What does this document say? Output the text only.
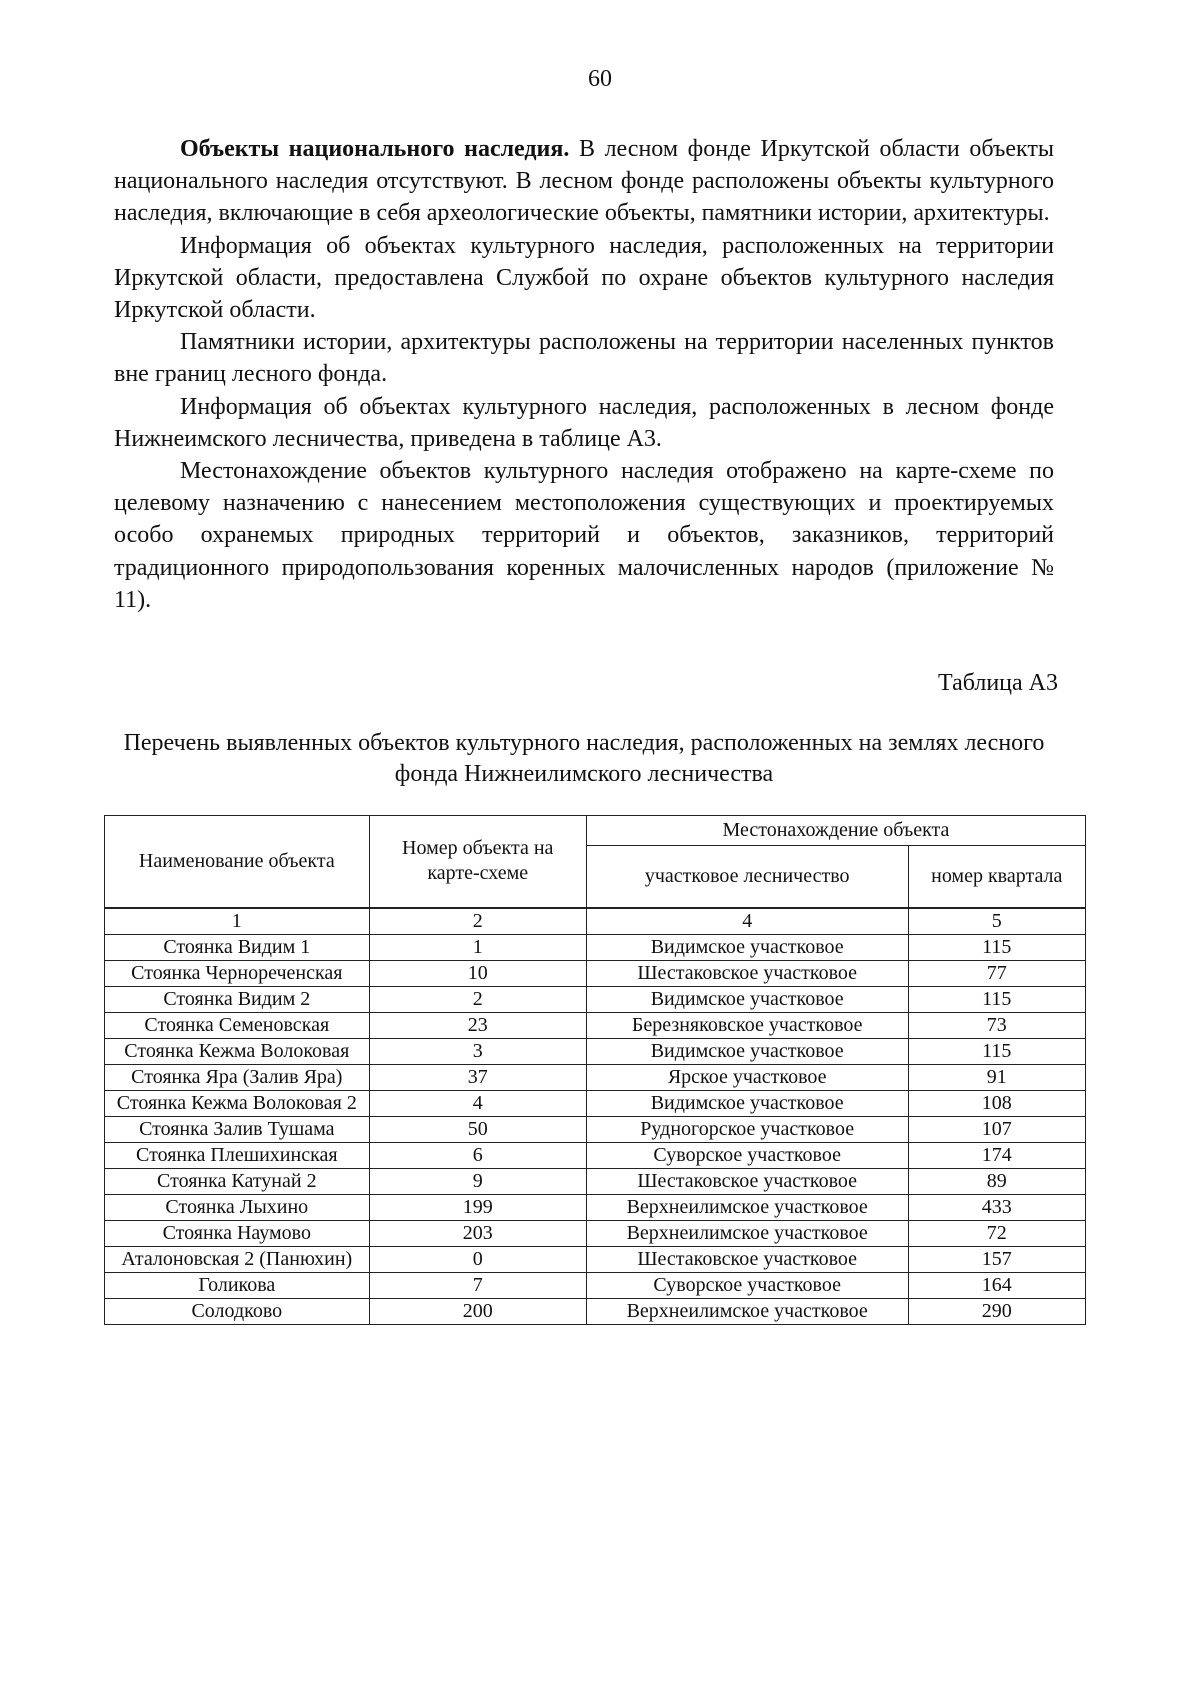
60

Объекты национального наследия. В лесном фонде Иркутской области объекты национального наследия отсутствуют. В лесном фонде расположены объекты культурного наследия, включающие в себя археологические объекты, памятники истории, архитектуры.

Информация об объектах культурного наследия, расположенных на территории Иркутской области, предоставлена Службой по охране объектов культурного наследия Иркутской области.

Памятники истории, архитектуры расположены на территории населенных пунктов вне границ лесного фонда.

Информация об объектах культурного наследия, расположенных в лесном фонде Нижнеимского лесничества, приведена в таблице А3.

Местонахождение объектов культурного наследия отображено на карте-схеме по целевому назначению с нанесением местоположения существующих и проектируемых особо охранемых природных территорий и объектов, заказников, территорий традиционного природопользования коренных малочисленных народов (приложение № 11).

Таблица А3
Перечень выявленных объектов культурного наследия, расположенных на землях лесного фонда Нижнеилимского лесничества
Наименование объекта	Номер объекта на карте-схеме	Местонахождение объекта	
		участковое лесничество	номер квартала
1	2	4	5
Стоянка Видим 1	1	Видимское участковое	115
Стоянка Чернореченская	10	Шестаковское участковое	77
Стоянка Видим 2	2	Видимское участковое	115
Стоянка Семеновская	23	Березняковское участковое	73
Стоянка Кежма Волоковая	3	Видимское участковое	115
Стоянка Яра (Залив Яра)	37	Ярское участковое	91
Стоянка Кежма Волоковая 2	4	Видимское участковое	108
Стоянка Залив Тушама	50	Рудногорское участковое	107
Стоянка Плешихинская	6	Суворское участковое	174
Стоянка Катунай 2	9	Шестаковское участковое	89
Стоянка Лыхино	199	Верхнеилимское участковое	433
Стоянка Наумово	203	Верхнеилимское участковое	72
Аталоновская 2 (Панюхин)	0	Шестаковское участковое	157
Голикова	7	Суворское участковое	164
Солодково	200	Верхнеилимское участковое	290
